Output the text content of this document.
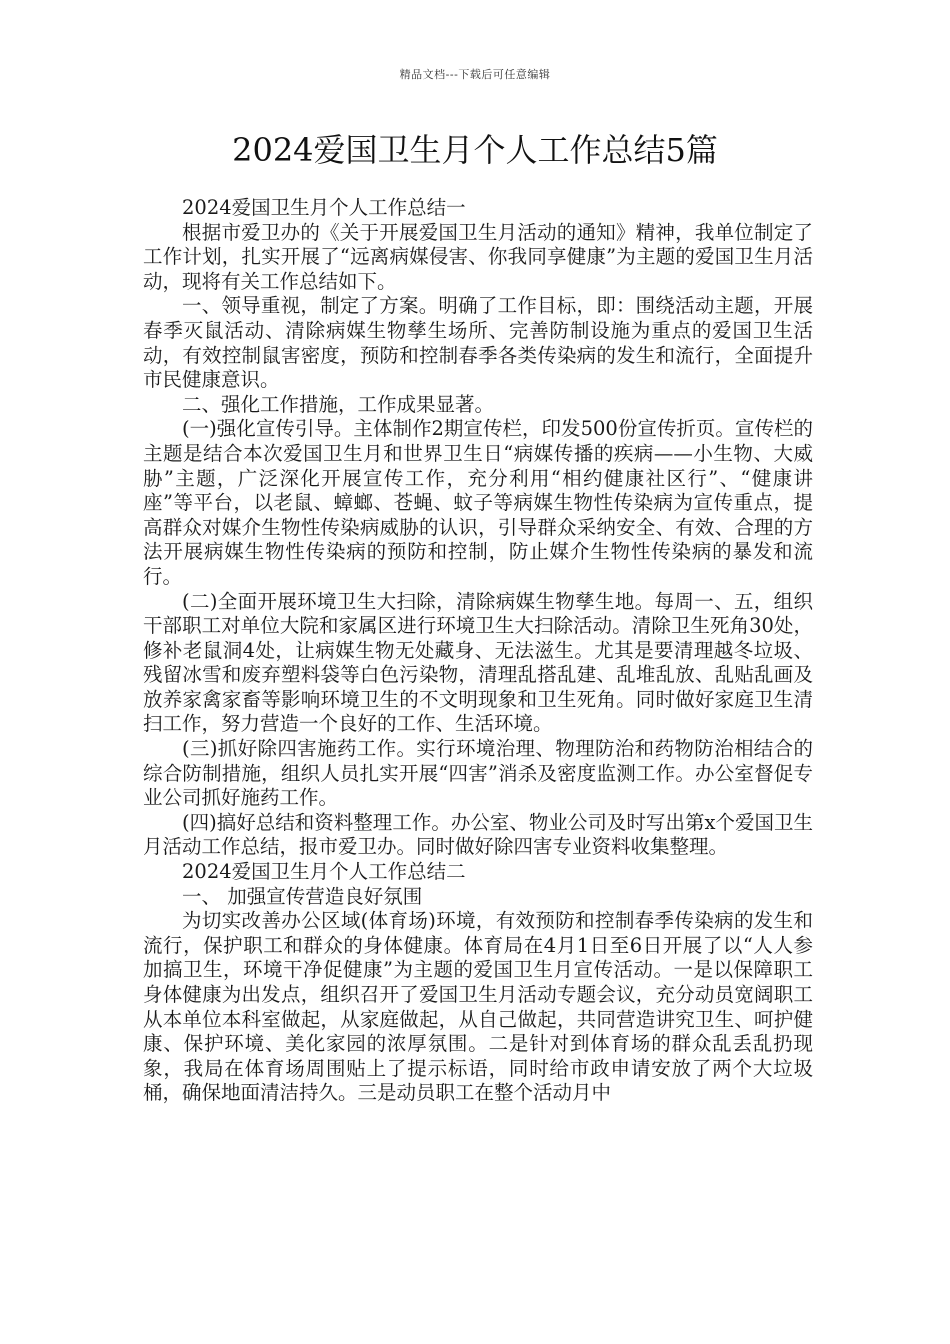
精品文档---下载后可任意编辑
2024爱国卫生月个人工作总结5篇

2024爱国卫生月个人工作总结一

根据市爱卫办的《关于开展爱国卫生月活动的通知》精神，我单位制定了工作计划，扎实开展了“远离病媒侵害、你我同享健康”为主题的爱国卫生月活动，现将有关工作总结如下。

一、领导重视，制定了方案。明确了工作目标，即：围绕活动主题，开展春季灭鼠活动、清除病媒生物孳生场所、完善防制设施为重点的爱国卫生活动，有效控制鼠害密度，预防和控制春季各类传染病的发生和流行，全面提升市民健康意识。

二、强化工作措施，工作成果显著。

(一)强化宣传引导。主体制作2期宣传栏，印发500份宣传折页。宣传栏的主题是结合本次爱国卫生月和世界卫生日“病媒传播的疾病——小生物、大威胁”主题，广泛深化开展宣传工作，充分利用“相约健康社区行”、“健康讲座”等平台，以老鼠、蟑螂、苍蝇、蚊子等病媒生物性传染病为宣传重点，提高群众对媒介生物性传染病威胁的认识，引导群众采纳安全、有效、合理的方法开展病媒生物性传染病的预防和控制，防止媒介生物性传染病的暴发和流行。

(二)全面开展环境卫生大扫除，清除病媒生物孳生地。每周一、五，组织干部职工对单位大院和家属区进行环境卫生大扫除活动。清除卫生死角30处，修补老鼠洞4处，让病媒生物无处藏身、无法滋生。尤其是要清理越冬垃圾、残留冰雪和废弃塑料袋等白色污染物，清理乱搭乱建、乱堆乱放、乱贴乱画及放养家禽家畜等影响环境卫生的不文明现象和卫生死角。同时做好家庭卫生清扫工作，努力营造一个良好的工作、生活环境。

(三)抓好除四害施药工作。实行环境治理、物理防治和药物防治相结合的综合防制措施，组织人员扎实开展“四害”消杀及密度监测工作。办公室督促专业公司抓好施药工作。

(四)搞好总结和资料整理工作。办公室、物业公司及时写出第x个爱国卫生月活动工作总结，报市爱卫办。同时做好除四害专业资料收集整理。

2024爱国卫生月个人工作总结二

一、 加强宣传营造良好氛围

为切实改善办公区域(体育场)环境，有效预防和控制春季传染病的发生和流行，保护职工和群众的身体健康。体育局在4月1日至6日开展了以“人人参加搞卫生，环境干净促健康”为主题的爱国卫生月宣传活动。一是以保障职工身体健康为出发点，组织召开了爱国卫生月活动专题会议，充分动员宽阔职工从本单位本科室做起，从家庭做起，从自己做起，共同营造讲究卫生、呵护健康、保护环境、美化家园的浓厚氛围。二是针对到体育场的群众乱丢乱扔现象，我局在体育场周围贴上了提示标语，同时给市政申请安放了两个大垃圾桶，确保地面清洁持久。三是动员职工在整个活动月中
